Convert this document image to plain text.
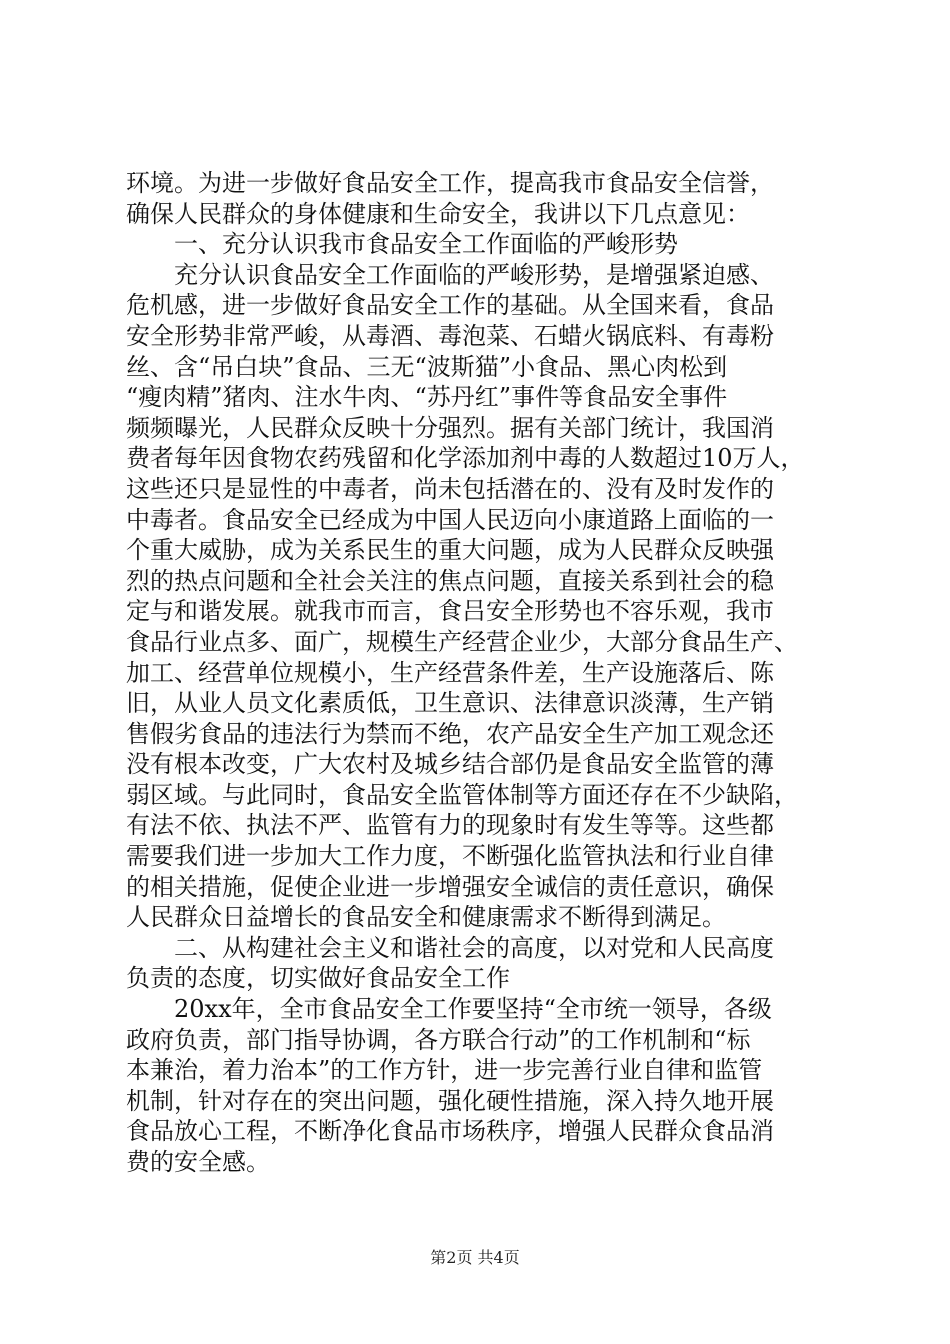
环境。为进一步做好食品安全工作，提高我市食品安全信誉，
确保人民群众的身体健康和生命安全，我讲以下几点意见：
　　一、充分认识我市食品安全工作面临的严峻形势
　　充分认识食品安全工作面临的严峻形势，是增强紧迫感、
危机感，进一步做好食品安全工作的基础。从全国来看，食品
安全形势非常严峻，从毒酒、毒泡菜、石蜡火锅底料、有毒粉
丝、含“吊白块”食品、三无“波斯猫”小食品、黑心肉松到
“瘦肉精”猪肉、注水牛肉、“苏丹红”事件等食品安全事件
频频曝光，人民群众反映十分强烈。据有关部门统计，我国消
费者每年因食物农药残留和化学添加剂中毒的人数超过10万人，
这些还只是显性的中毒者，尚未包括潜在的、没有及时发作的
中毒者。食品安全已经成为中国人民迈向小康道路上面临的一
个重大威胁，成为关系民生的重大问题，成为人民群众反映强
烈的热点问题和全社会关注的焦点问题，直接关系到社会的稳
定与和谐发展。就我市而言，食吕安全形势也不容乐观，我市
食品行业点多、面广，规模生产经营企业少，大部分食品生产、
加工、经营单位规模小，生产经营条件差，生产设施落后、陈
旧，从业人员文化素质低，卫生意识、法律意识淡薄，生产销
售假劣食品的违法行为禁而不绝，农产品安全生产加工观念还
没有根本改变，广大农村及城乡结合部仍是食品安全监管的薄
弱区域。与此同时，食品安全监管体制等方面还存在不少缺陷，
有法不依、执法不严、监管有力的现象时有发生等等。这些都
需要我们进一步加大工作力度，不断强化监管执法和行业自律
的相关措施，促使企业进一步增强安全诚信的责任意识，确保
人民群众日益增长的食品安全和健康需求不断得到满足。
　　二、从构建社会主义和谐社会的高度，以对党和人民高度
负责的态度，切实做好食品安全工作
　　20xx年，全市食品安全工作要坚持“全市统一领导，各级
政府负责，部门指导协调，各方联合行动”的工作机制和“标
本兼治，着力治本”的工作方针，进一步完善行业自律和监管
机制，针对存在的突出问题，强化硬性措施，深入持久地开展
食品放心工程，不断净化食品市场秩序，增强人民群众食品消
费的安全感。
第2页 共4页
